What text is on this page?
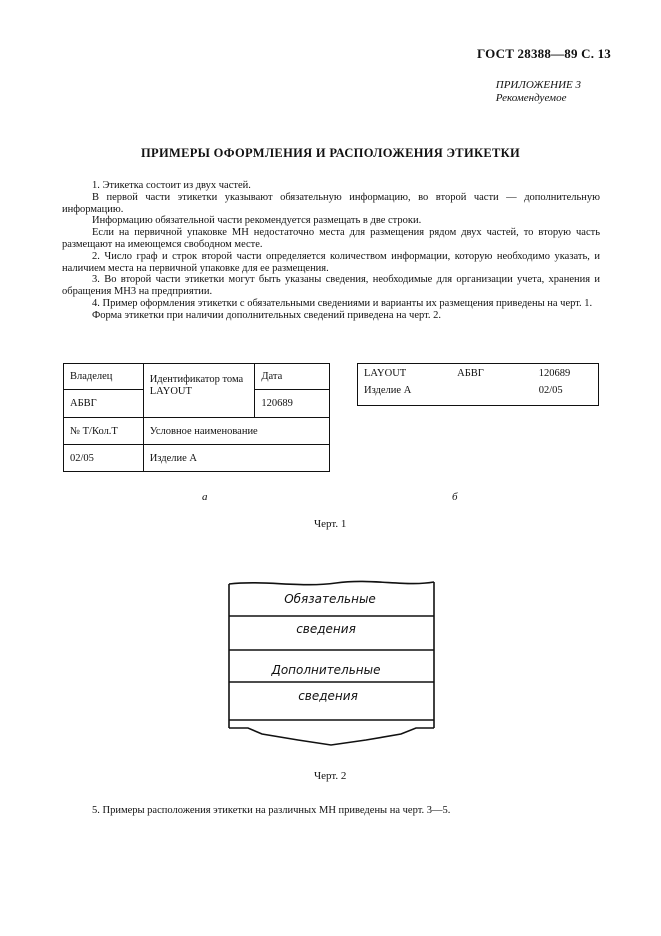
ГОСТ 28388—89 С. 13
ПРИЛОЖЕНИЕ 3
Рекомендуемое
ПРИМЕРЫ ОФОРМЛЕНИЯ И РАСПОЛОЖЕНИЯ ЭТИКЕТКИ

1. Этикетка состоит из двух частей.

В первой части этикетки указывают обязательную информацию, во второй части — дополнительную информацию.

Информацию обязательной части рекомендуется размещать в две строки.

Если на первичной упаковке МН недостаточно места для размещения рядом двух частей, то вторую часть размещают на имеющемся свободном месте.

2. Число граф и строк второй части определяется количеством информации, которую необходимо указать, и наличием места на первичной упаковке для ее размещения.

3. Во второй части этикетки могут быть указаны сведения, необходимые для организации учета, хранения и обращения МН3 на предприятии.

4. Пример оформления этикетки с обязательными сведениями и варианты их размещения приведены на черт. 1.

Форма этикетки при наличии дополнительных сведений приведена на черт. 2.

Владелец	Идентификатор тома LAYOUT	Дата
АБВГ		120689
№ Т/Кол.Т	Условное наименование	
02/05	Изделие А	
LAYOUT	АБВГ	120689
Изделие А		02/05
а	б
Черт. 1
Обязательные
сведения
Дополнительные
сведения
Черт. 2
5. Примеры расположения этикетки на различных МН приведены на черт. 3—5.
